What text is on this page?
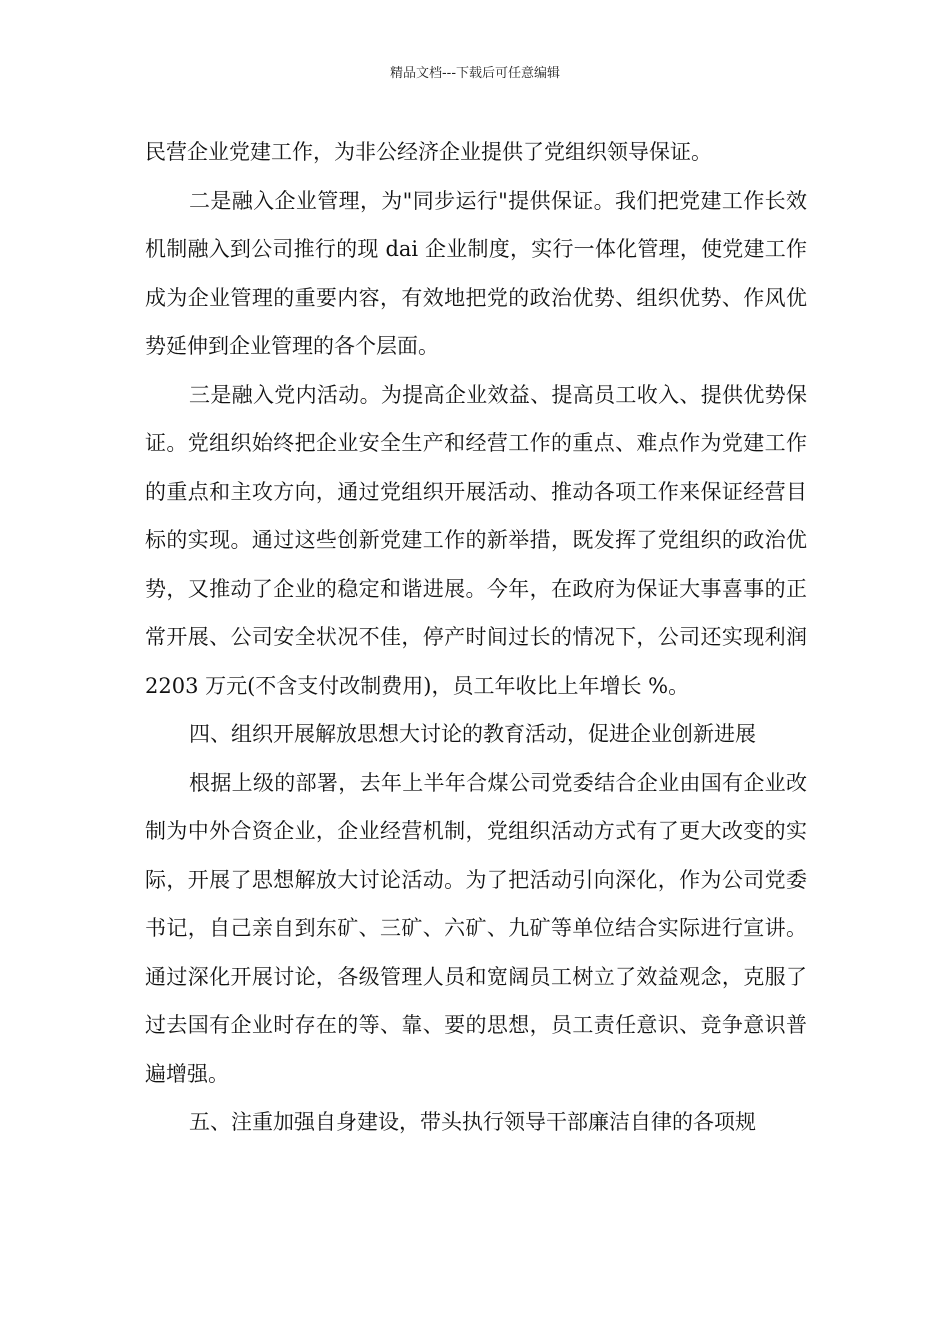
精品文档---下载后可任意编辑

民营企业党建工作，为非公经济企业提供了党组织领导保证。

二是融入企业管理，为"同步运行"提供保证。我们把党建工作长效机制融入到公司推行的现 dai 企业制度，实行一体化管理，使党建工作成为企业管理的重要内容，有效地把党的政治优势、组织优势、作风优势延伸到企业管理的各个层面。

三是融入党内活动。为提高企业效益、提高员工收入、提供优势保证。党组织始终把企业安全生产和经营工作的重点、难点作为党建工作的重点和主攻方向，通过党组织开展活动、推动各项工作来保证经营目标的实现。通过这些创新党建工作的新举措，既发挥了党组织的政治优势，又推动了企业的稳定和谐进展。今年，在政府为保证大事喜事的正常开展、公司安全状况不佳，停产时间过长的情况下，公司还实现利润 2203 万元(不含支付改制费用)，员工年收比上年增长 %。

四、组织开展解放思想大讨论的教育活动，促进企业创新进展

根据上级的部署，去年上半年合煤公司党委结合企业由国有企业改制为中外合资企业，企业经营机制，党组织活动方式有了更大改变的实际，开展了思想解放大讨论活动。为了把活动引向深化，作为公司党委书记，自己亲自到东矿、三矿、六矿、九矿等单位结合实际进行宣讲。通过深化开展讨论，各级管理人员和宽阔员工树立了效益观念，克服了过去国有企业时存在的等、靠、要的思想，员工责任意识、竞争意识普遍增强。

五、注重加强自身建设，带头执行领导干部廉洁自律的各项规
